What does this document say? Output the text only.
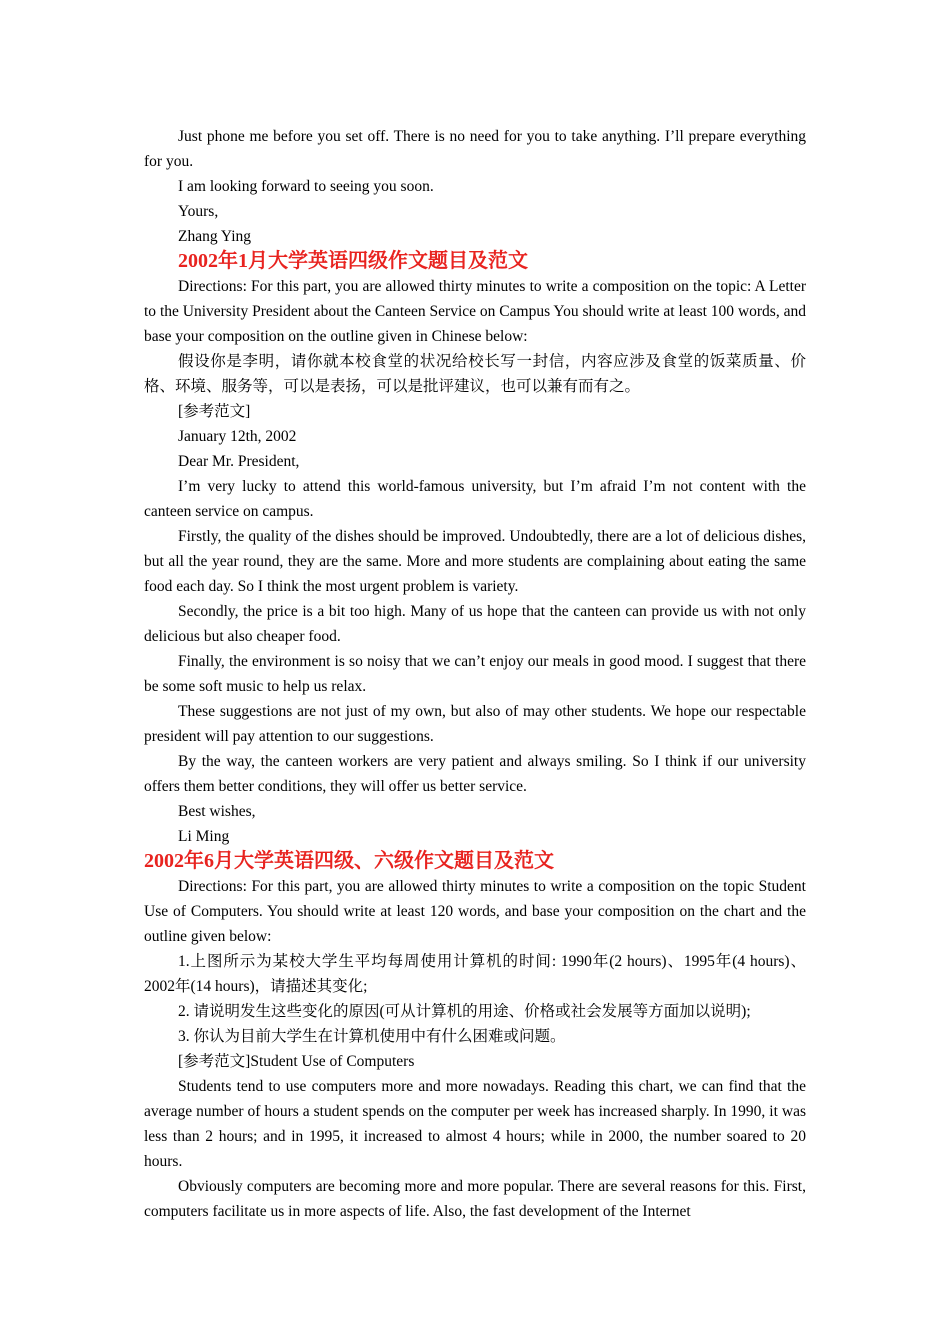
Just phone me before you set off. There is no need for you to take anything. I’ll prepare everything for you.

I am looking forward to seeing you soon.

Yours,

Zhang Ying

2002年1月大学英语四级作文题目及范文

Directions: For this part, you are allowed thirty minutes to write a composition on the topic: A Letter to the University President about the Canteen Service on Campus You should write at least 100 words, and base your composition on the outline given in Chinese below:

假设你是李明，请你就本校食堂的状况给校长写一封信，内容应涉及食堂的饭菜质量、价格、环境、服务等，可以是表扬，可以是批评建议，也可以兼有而有之。

[参考范文]

January 12th, 2002

Dear Mr. President,

I’m very lucky to attend this world-famous university, but I’m afraid I’m not content with the canteen service on campus.

Firstly, the quality of the dishes should be improved. Undoubtedly, there are a lot of delicious dishes, but all the year round, they are the same. More and more students are complaining about eating the same food each day. So I think the most urgent problem is variety.

Secondly, the price is a bit too high. Many of us hope that the canteen can provide us with not only delicious but also cheaper food.

Finally, the environment is so noisy that we can’t enjoy our meals in good mood. I suggest that there be some soft music to help us relax.

These suggestions are not just of my own, but also of may other students. We hope our respectable president will pay attention to our suggestions.

By the way, the canteen workers are very patient and always smiling. So I think if our university offers them better conditions, they will offer us better service.

Best wishes,

Li Ming

2002年6月大学英语四级、六级作文题目及范文

Directions: For this part, you are allowed thirty minutes to write a composition on the topic Student Use of Computers. You should write at least 120 words, and base your composition on the chart and the outline given below:

1.上图所示为某校大学生平均每周使用计算机的时间: 1990年(2 hours)、1995年(4 hours)、2002年(14 hours)，请描述其变化;

2. 请说明发生这些变化的原因(可从计算机的用途、价格或社会发展等方面加以说明);

3. 你认为目前大学生在计算机使用中有什么困难或问题。

[参考范文]Student Use of Computers

Students tend to use computers more and more nowadays. Reading this chart, we can find that the average number of hours a student spends on the computer per week has increased sharply. In 1990, it was less than 2 hours; and in 1995, it increased to almost 4 hours; while in 2000, the number soared to 20 hours.

Obviously computers are becoming more and more popular. There are several reasons for this. First, computers facilitate us in more aspects of life. Also, the fast development of the Internet
